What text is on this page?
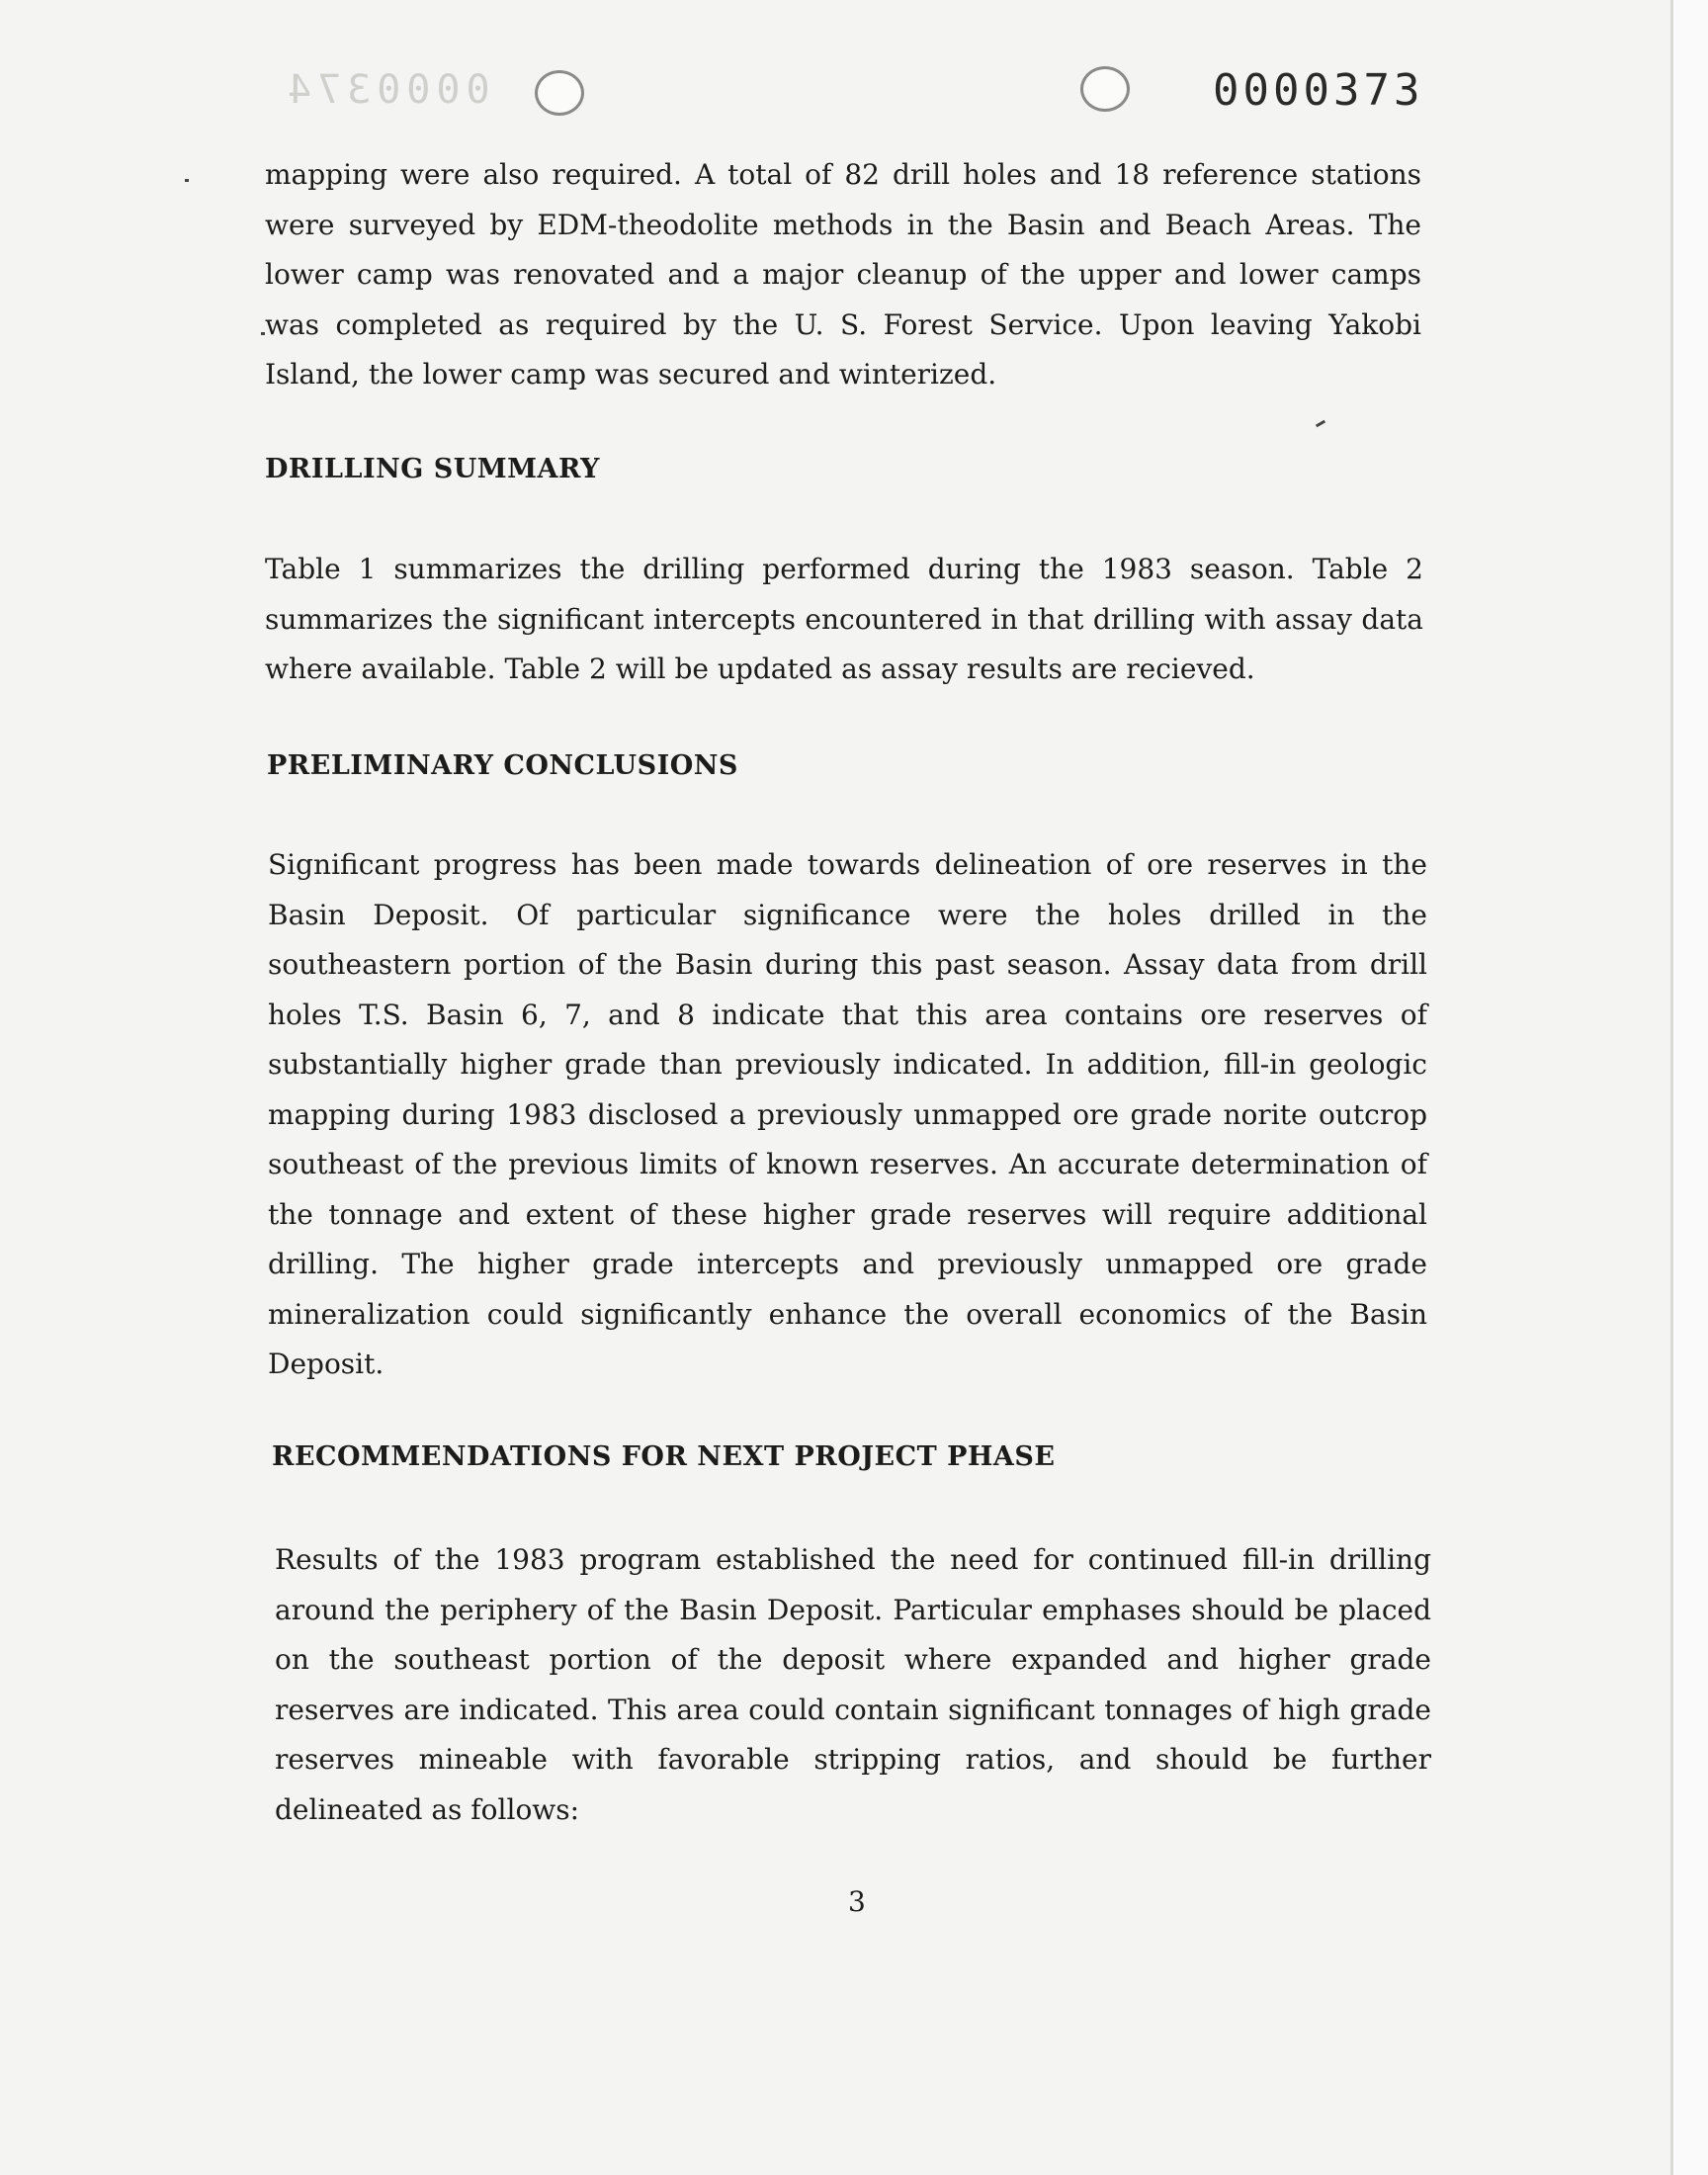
0000374	0000373
mapping were also required. A total of 82 drill holes and 18 reference stations were surveyed by EDM-theodolite methods in the Basin and Beach Areas. The lower camp was renovated and a major cleanup of the upper and lower camps was completed as required by the U. S. Forest Service. Upon leaving Yakobi Island, the lower camp was secured and winterized.
DRILLING SUMMARY
Table 1 summarizes the drilling performed during the 1983 season. Table 2 summarizes the significant intercepts encountered in that drilling with assay data where available. Table 2 will be updated as assay results are recieved.
PRELIMINARY CONCLUSIONS
Significant progress has been made towards delineation of ore reserves in the Basin Deposit. Of particular significance were the holes drilled in the southeastern portion of the Basin during this past season. Assay data from drill holes T.S. Basin 6, 7, and 8 indicate that this area contains ore reserves of substantially higher grade than previously indicated. In addition, fill-in geologic mapping during 1983 disclosed a previously unmapped ore grade norite outcrop southeast of the previous limits of known reserves. An accurate determination of the tonnage and extent of these higher grade reserves will require additional drilling. The higher grade intercepts and previously unmapped ore grade mineralization could significantly enhance the overall economics of the Basin Deposit.
RECOMMENDATIONS FOR NEXT PROJECT PHASE
Results of the 1983 program established the need for continued fill-in drilling around the periphery of the Basin Deposit. Particular emphases should be placed on the southeast portion of the deposit where expanded and higher grade reserves are indicated. This area could contain significant tonnages of high grade reserves mineable with favorable stripping ratios, and should be further delineated as follows:
3
